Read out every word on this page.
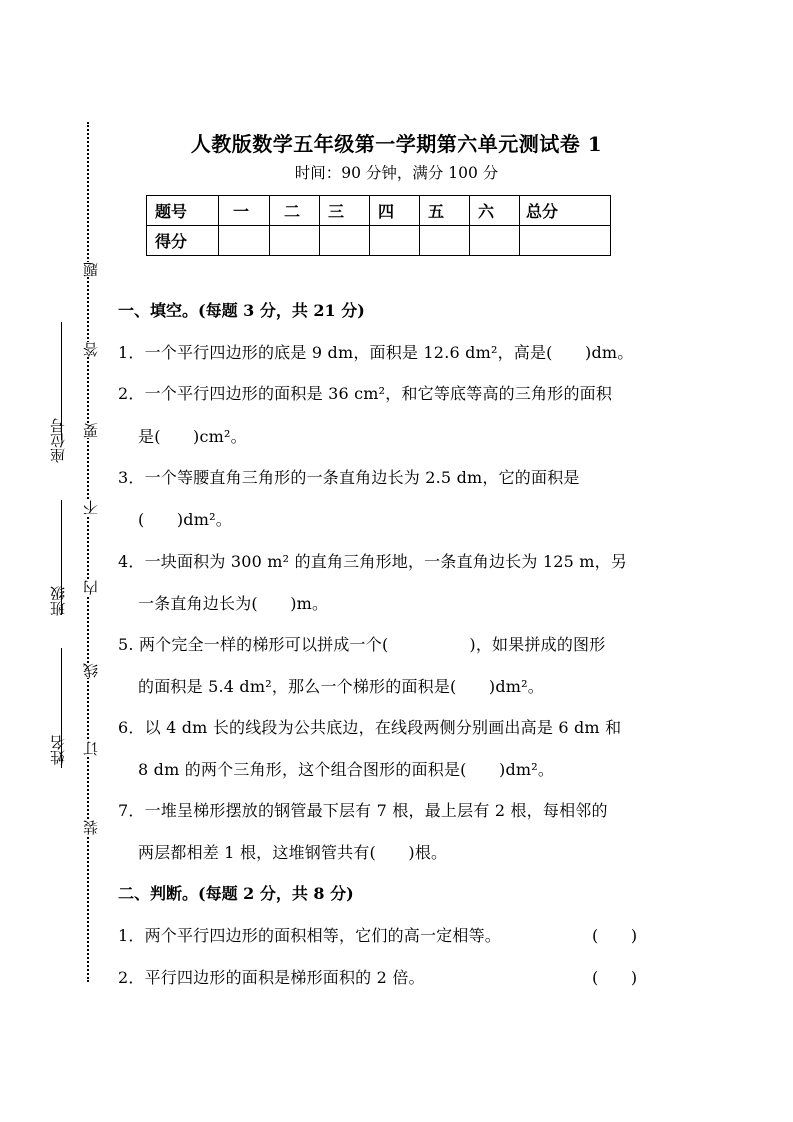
座位号
班级
姓名
题
答
要
不
内
线
订
装
人教版数学五年级第一学期第六单元测试卷 1
时间：90 分钟，满分 100 分
题号	一	二	三	四	五	六	总分
得分							
一、填空。(每题 3 分，共 21 分)
1．一个平行四边形的底是 9 dm，面积是 12.6 dm²，高是(　　)dm。
2．一个平行四边形的面积是 36 cm²，和它等底等高的三角形的面积
是(　　)cm²。
3．一个等腰直角三角形的一条直角边长为 2.5 dm，它的面积是
(　　)dm²。
4．一块面积为 300 m² 的直角三角形地，一条直角边长为 125 m，另
一条直角边长为(　　)m。
5. 两个完全一样的梯形可以拼成一个(　　　　　)，如果拼成的图形
的面积是 5.4 dm²，那么一个梯形的面积是(　　)dm²。
6．以 4 dm 长的线段为公共底边，在线段两侧分别画出高是 6 dm 和
8 dm 的两个三角形，这个组合图形的面积是(　　)dm²。
7．一堆呈梯形摆放的钢管最下层有 7 根，最上层有 2 根，每相邻的
两层都相差 1 根，这堆钢管共有(　　)根。
二、判断。(每题 2 分，共 8 分)
1．两个平行四边形的面积相等，它们的高一定相等。	(　　)
2．平行四边形的面积是梯形面积的 2 倍。	(　　)
